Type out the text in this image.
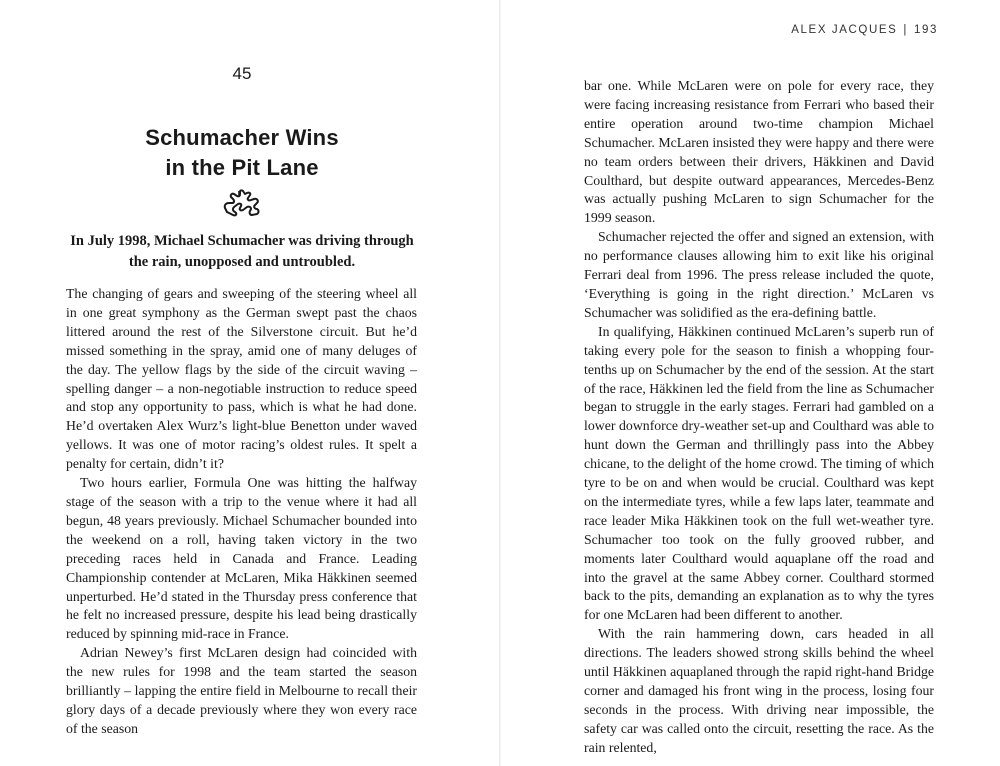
45
Schumacher Wins
in the Pit Lane

In July 1998, Michael Schumacher was driving through the rain, unopposed and untroubled.

The changing of gears and sweeping of the steering wheel all in one great symphony as the German swept past the chaos littered around the rest of the Silverstone circuit. But he’d missed something in the spray, amid one of many deluges of the day. The yellow flags by the side of the circuit waving – spelling danger – a non-negotiable instruction to reduce speed and stop any opportunity to pass, which is what he had done. He’d overtaken Alex Wurz’s light-blue Benetton under waved yellows. It was one of motor racing’s oldest rules. It spelt a penalty for certain, didn’t it?

Two hours earlier, Formula One was hitting the halfway stage of the season with a trip to the venue where it had all begun, 48 years previously. Michael Schumacher bounded into the weekend on a roll, having taken victory in the two preceding races held in Canada and France. Leading Championship contender at McLaren, Mika Häkkinen seemed unperturbed. He’d stated in the Thursday press conference that he felt no increased pressure, despite his lead being drastically reduced by spinning mid-race in France.

Adrian Newey’s first McLaren design had coincided with the new rules for 1998 and the team started the season brilliantly – lapping the entire field in Melbourne to recall their glory days of a decade previously where they won every race of the season

ALEX JACQUES | 193

bar one. While McLaren were on pole for every race, they were facing increasing resistance from Ferrari who based their entire operation around two-time champion Michael Schumacher. McLaren insisted they were happy and there were no team orders between their drivers, Häkkinen and David Coulthard, but despite outward appearances, Mercedes-Benz was actually pushing McLaren to sign Schumacher for the 1999 season.

Schumacher rejected the offer and signed an extension, with no performance clauses allowing him to exit like his original Ferrari deal from 1996. The press release included the quote, ‘Everything is going in the right direction.’ McLaren vs Schumacher was solidified as the era-defining battle.

In qualifying, Häkkinen continued McLaren’s superb run of taking every pole for the season to finish a whopping four-tenths up on Schumacher by the end of the session. At the start of the race, Häkkinen led the field from the line as Schumacher began to struggle in the early stages. Ferrari had gambled on a lower downforce dry-weather set-up and Coulthard was able to hunt down the German and thrillingly pass into the Abbey chicane, to the delight of the home crowd. The timing of which tyre to be on and when would be crucial. Coulthard was kept on the intermediate tyres, while a few laps later, teammate and race leader Mika Häkkinen took on the full wet-weather tyre. Schumacher too took on the fully grooved rubber, and moments later Coulthard would aquaplane off the road and into the gravel at the same Abbey corner. Coulthard stormed back to the pits, demanding an explanation as to why the tyres for one McLaren had been different to another.

With the rain hammering down, cars headed in all directions. The leaders showed strong skills behind the wheel until Häkkinen aquaplaned through the rapid right-hand Bridge corner and damaged his front wing in the process, losing four seconds in the process. With driving near impossible, the safety car was called onto the circuit, resetting the race. As the rain relented,
